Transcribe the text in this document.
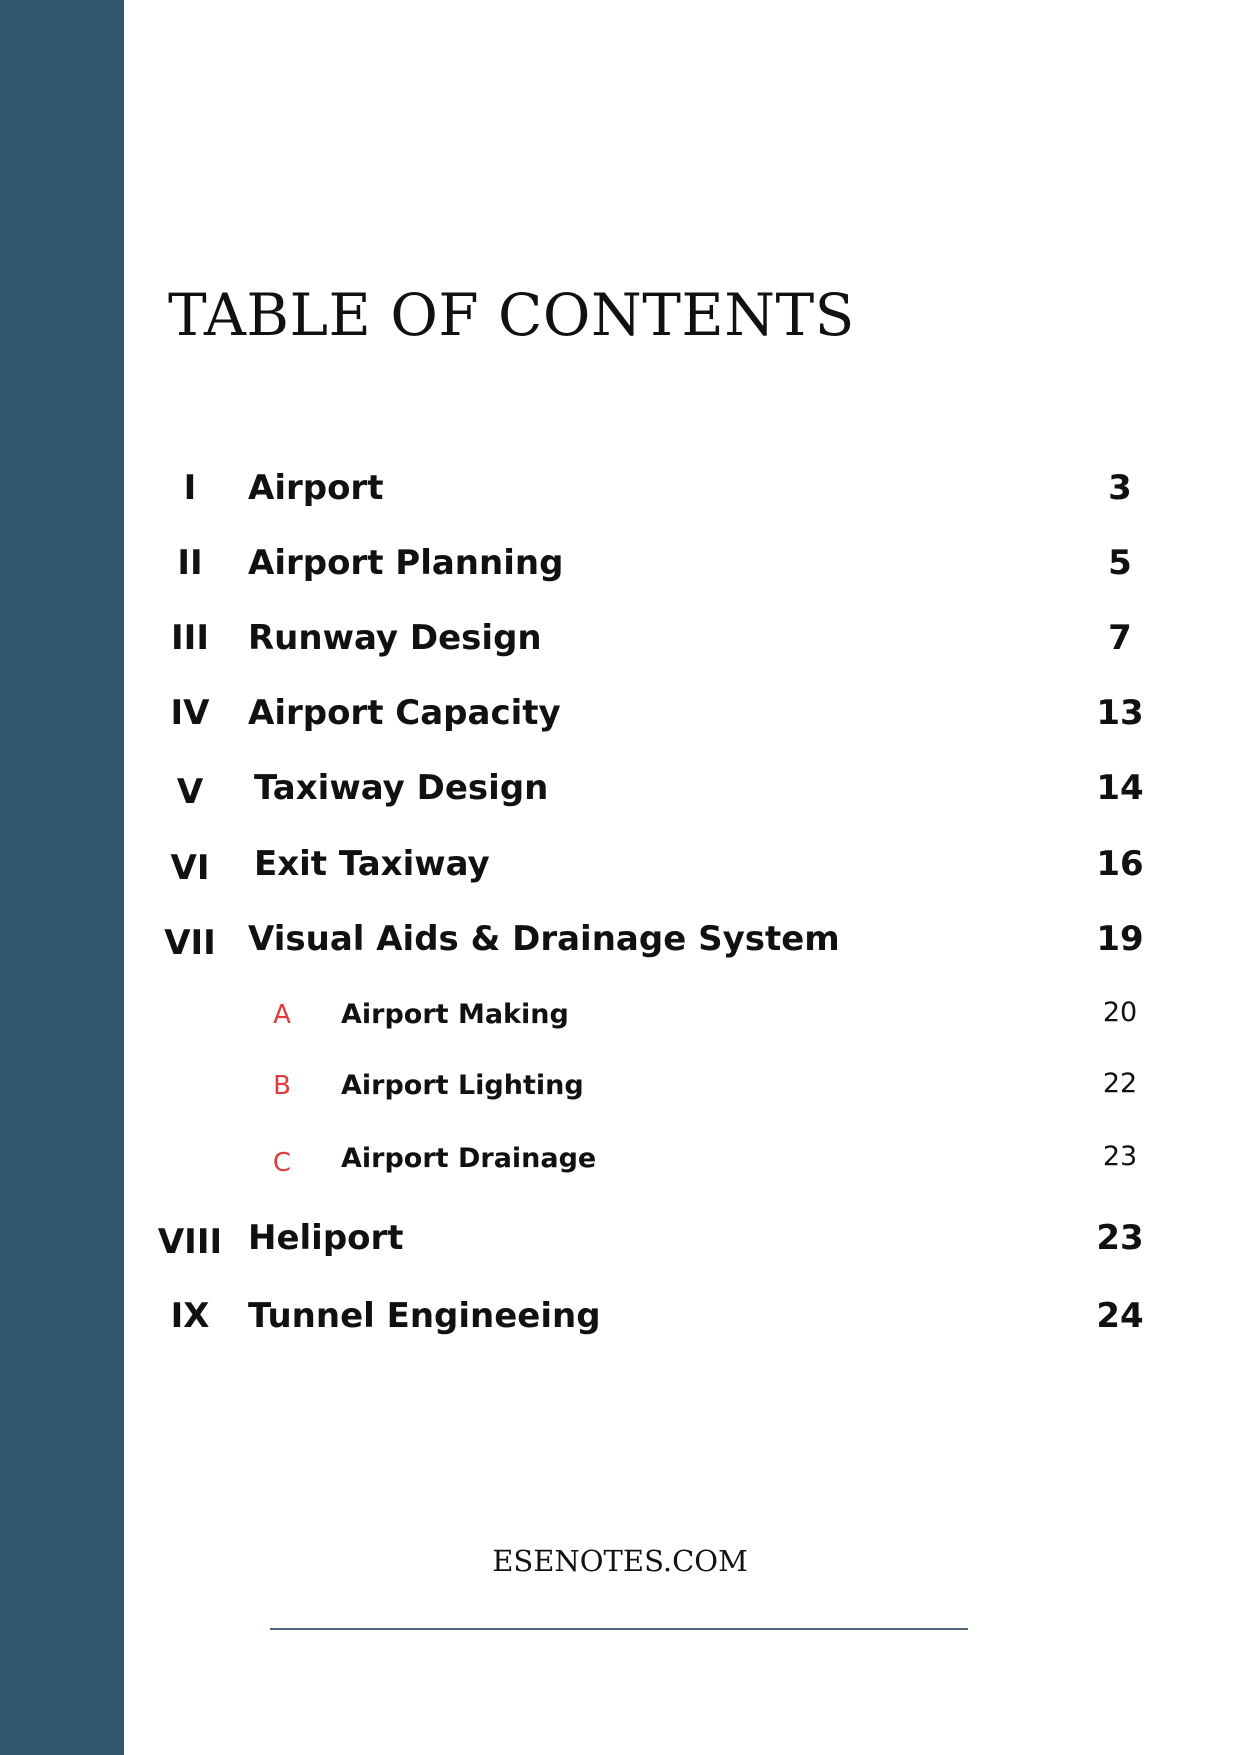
TABLE OF CONTENTS
I	Airport	3
II	Airport Planning	5
III	Runway Design	7
IV	Airport Capacity	13
V	Taxiway Design	14
VI	Exit Taxiway	16
VII Visual Aids & Drainage System	19
A	Airport Making	20
B	Airport Lighting	22
C	Airport Drainage	23
VIII Heliport	23
IX	Tunnel Engineeing	24
ESENOTES.COM
